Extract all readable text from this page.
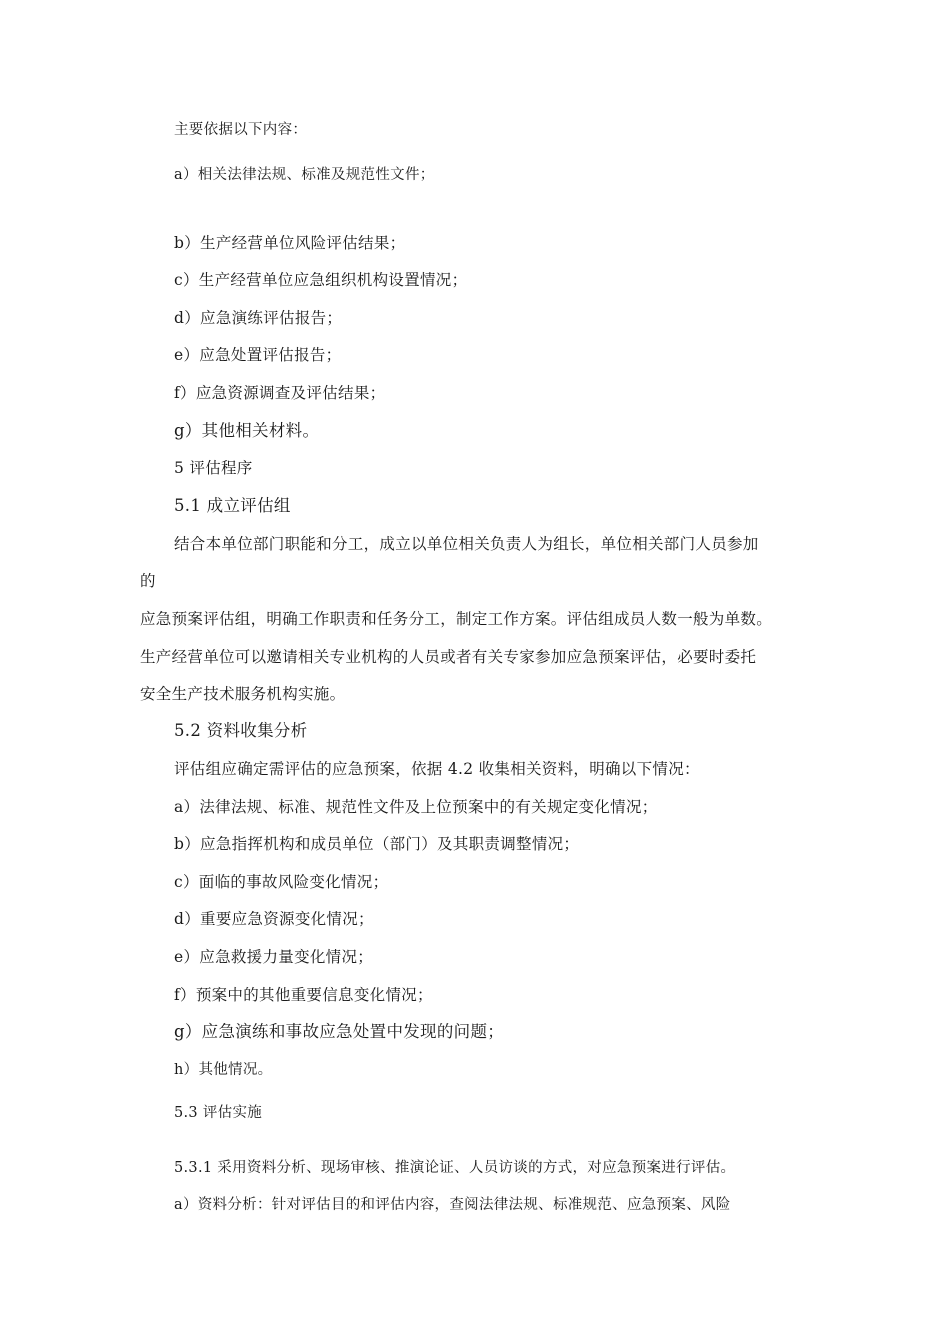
主要依据以下内容：
a）相关法律法规、标准及规范性文件；
b）生产经营单位风险评估结果；
c）生产经营单位应急组织机构设置情况；
d）应急演练评估报告；
e）应急处置评估报告；
f）应急资源调查及评估结果；
g）其他相关材料。
5 评估程序
5.1 成立评估组
结合本单位部门职能和分工，成立以单位相关负责人为组长，单位相关部门人员参加
的
应急预案评估组，明确工作职责和任务分工，制定工作方案。评估组成员人数一般为单数。
生产经营单位可以邀请相关专业机构的人员或者有关专家参加应急预案评估，必要时委托
安全生产技术服务机构实施。
5.2 资料收集分析
评估组应确定需评估的应急预案，依据 4.2 收集相关资料，明确以下情况：
a）法律法规、标准、规范性文件及上位预案中的有关规定变化情况；
b）应急指挥机构和成员单位（部门）及其职责调整情况；
c）面临的事故风险变化情况；
d）重要应急资源变化情况；
e）应急救援力量变化情况；
f）预案中的其他重要信息变化情况；
g）应急演练和事故应急处置中发现的问题；
h）其他情况。
5.3 评估实施
5.3.1 采用资料分析、现场审核、推演论证、人员访谈的方式，对应急预案进行评估。
a）资料分析：针对评估目的和评估内容，查阅法律法规、标准规范、应急预案、风险
